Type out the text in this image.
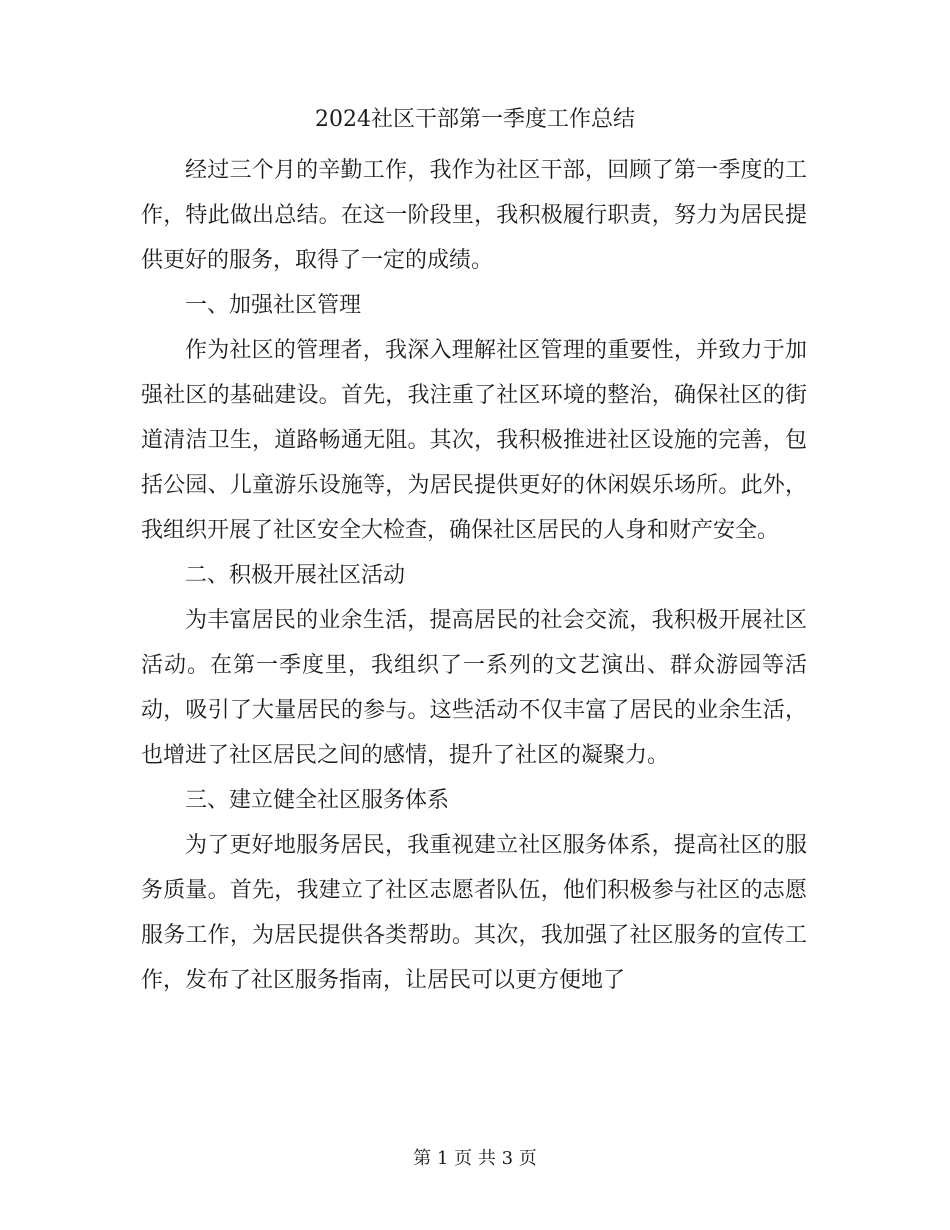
2024社区干部第一季度工作总结

经过三个月的辛勤工作，我作为社区干部，回顾了第一季度的工作，特此做出总结。在这一阶段里，我积极履行职责，努力为居民提供更好的服务，取得了一定的成绩。

一、加强社区管理

作为社区的管理者，我深入理解社区管理的重要性，并致力于加强社区的基础建设。首先，我注重了社区环境的整治，确保社区的街道清洁卫生，道路畅通无阻。其次，我积极推进社区设施的完善，包括公园、儿童游乐设施等，为居民提供更好的休闲娱乐场所。此外，我组织开展了社区安全大检查，确保社区居民的人身和财产安全。

二、积极开展社区活动

为丰富居民的业余生活，提高居民的社会交流，我积极开展社区活动。在第一季度里，我组织了一系列的文艺演出、群众游园等活动，吸引了大量居民的参与。这些活动不仅丰富了居民的业余生活，也增进了社区居民之间的感情，提升了社区的凝聚力。

三、建立健全社区服务体系

为了更好地服务居民，我重视建立社区服务体系，提高社区的服务质量。首先，我建立了社区志愿者队伍，他们积极参与社区的志愿服务工作，为居民提供各类帮助。其次，我加强了社区服务的宣传工作，发布了社区服务指南，让居民可以更方便地了

第 1 页 共 3 页
